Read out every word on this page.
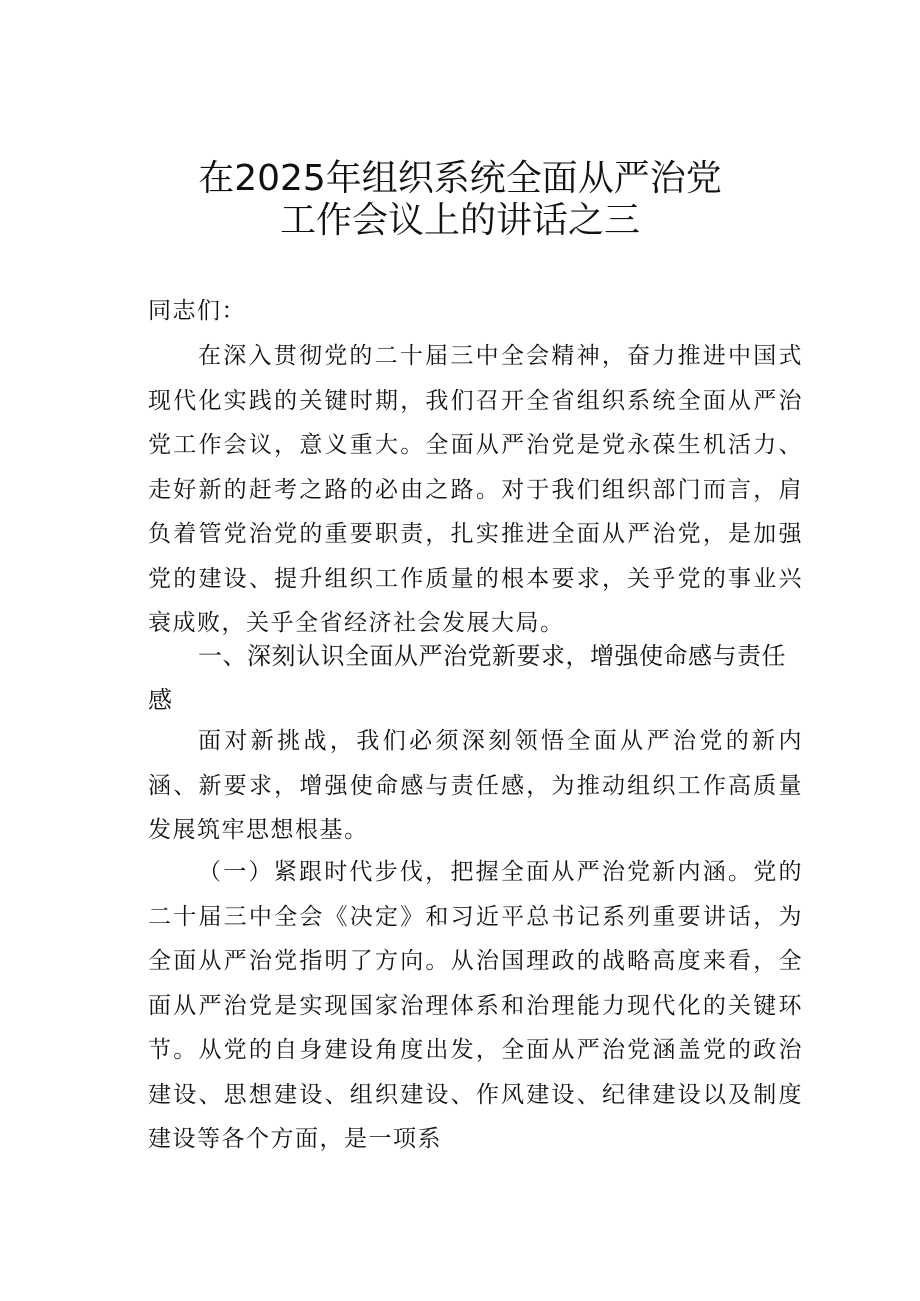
在2025年组织系统全面从严治党
工作会议上的讲话之三

同志们：

在深入贯彻党的二十届三中全会精神，奋力推进中国式现代化实践的关键时期，我们召开全省组织系统全面从严治党工作会议，意义重大。全面从严治党是党永葆生机活力、走好新的赶考之路的必由之路。对于我们组织部门而言，肩负着管党治党的重要职责，扎实推进全面从严治党，是加强党的建设、提升组织工作质量的根本要求，关乎党的事业兴衰成败，关乎全省经济社会发展大局。

一、深刻认识全面从严治党新要求，增强使命感与责任感

面对新挑战，我们必须深刻领悟全面从严治党的新内涵、新要求，增强使命感与责任感，为推动组织工作高质量发展筑牢思想根基。

（一）紧跟时代步伐，把握全面从严治党新内涵。党的二十届三中全会《决定》和习近平总书记系列重要讲话，为全面从严治党指明了方向。从治国理政的战略高度来看，全面从严治党是实现国家治理体系和治理能力现代化的关键环节。从党的自身建设角度出发，全面从严治党涵盖党的政治建设、思想建设、组织建设、作风建设、纪律建设以及制度建设等各个方面，是一项系
